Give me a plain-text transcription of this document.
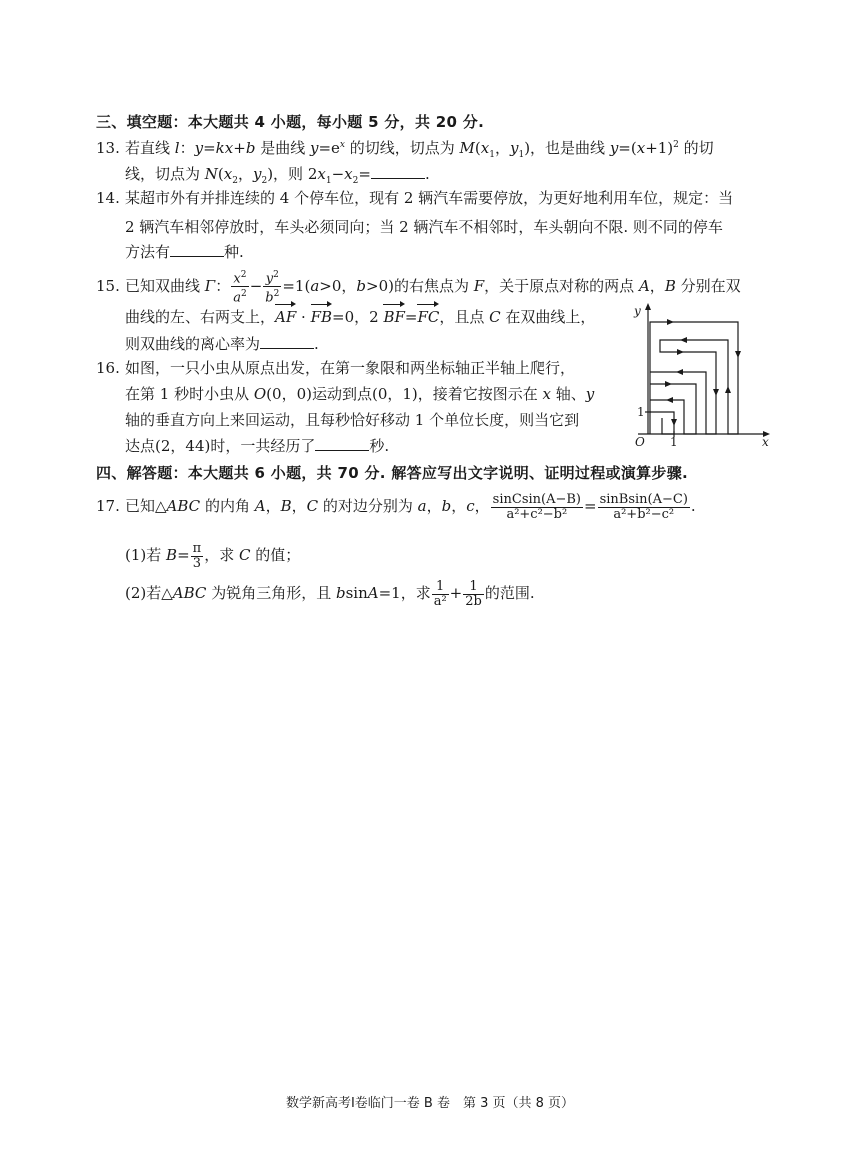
三、填空题：本大题共 4 小题，每小题 5 分，共 20 分.
13. 若直线 l：y=kx+b 是曲线 $y=e^x$ 的切线，切点为 $M(x_1$，$y_1$)，也是曲线 $y=(x+1)^2$ 的切
线，切点为 $N(x_2$，$y_2$)，则 $2x_1-x_2=$	.
14. 某超市外有并排连续的 4 个停车位，现有 2 辆汽车需要停放，为更好地利用车位，规定：当
2 辆汽车相邻停放时，车头必须同向；当 2 辆汽车不相邻时，车头朝向不限. 则不同的停车
方法有	种.
15. 已知双曲线 Γ： $\frac{x^2}{a^2} - \frac{y^2}{b^2} =1(a>0$，b>0)的右焦点为 F，关于原点对称的两点 A，B 分别在双
曲线的左、右两支上，AF · FB=0，2 BF=FC，且点 C 在双曲线上，
则双曲线的离心率为	.
16. 如图，一只小虫从原点出发，在第一象限和两坐标轴正半轴上爬行，
在第 1 秒时小虫从 O(0，0)运动到点(0，1)，接着它按图示在 x 轴、y
轴的垂直方向上来回运动，且每秒恰好移动 1 个单位长度，则当它到
达点(2，44)时，一共经历了	秒.
y
x
O 1
1
四、解答题：本大题共 6 小题，共 70 分. 解答应写出文字说明、证明过程或演算步骤.
17. 已知△ABC 的内角 A，B，C 的对边分别为 a，b，c， $\frac{\text{sinCsin(A−B)}}{\text{a²+c²−b²}} = \frac{\text{sinBsin(A−C)}}{\text{a²+b²−c²}}$ .
(1)若 $B= \frac{\pi}{3}$ ，求 C 的值；
(2)若△ABC 为锐角三角形，且 bsinA=1，求 $\frac{1}{\text{a²}} + \frac{1}{2b}$ 的范围.
数学新高考Ⅰ卷临门一卷 B 卷　第 3 页（共 8 页）
